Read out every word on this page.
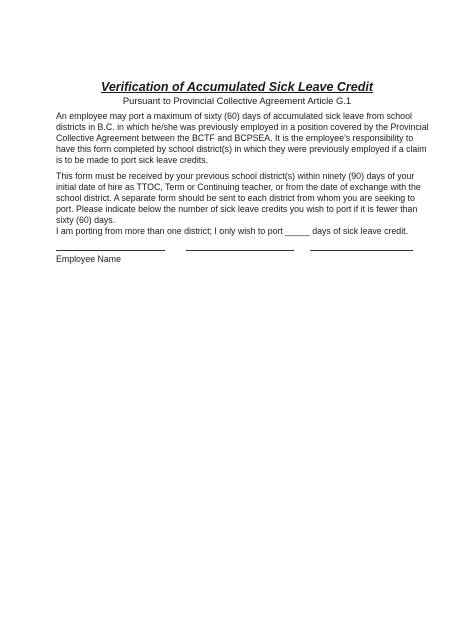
Verification of Accumulated Sick Leave Credit
Pursuant to Provincial Collective Agreement Article G.1

An employee may port a maximum of sixty (60) days of accumulated sick leave from school
districts in B.C. in which he/she was previously employed in a position covered by the Provincial
Collective Agreement between the BCTF and BCPSEA. It is the employee’s responsibility to
have this form completed by school district(s) in which they were previously employed if a claim
is to be made to port sick leave credits.

This form must be received by your previous school district(s) within ninety (90) days of your
initial date of hire as TTOC, Term or Continuing teacher, or from the date of exchange with the
school district. A separate form should be sent to each district from whom you are seeking to
port. Please indicate below the number of sick leave credits you wish to port if it is fewer than
sixty (60) days.
I am porting from more than one district; I only wish to port _____ days of sick leave credit.

Employee Name
